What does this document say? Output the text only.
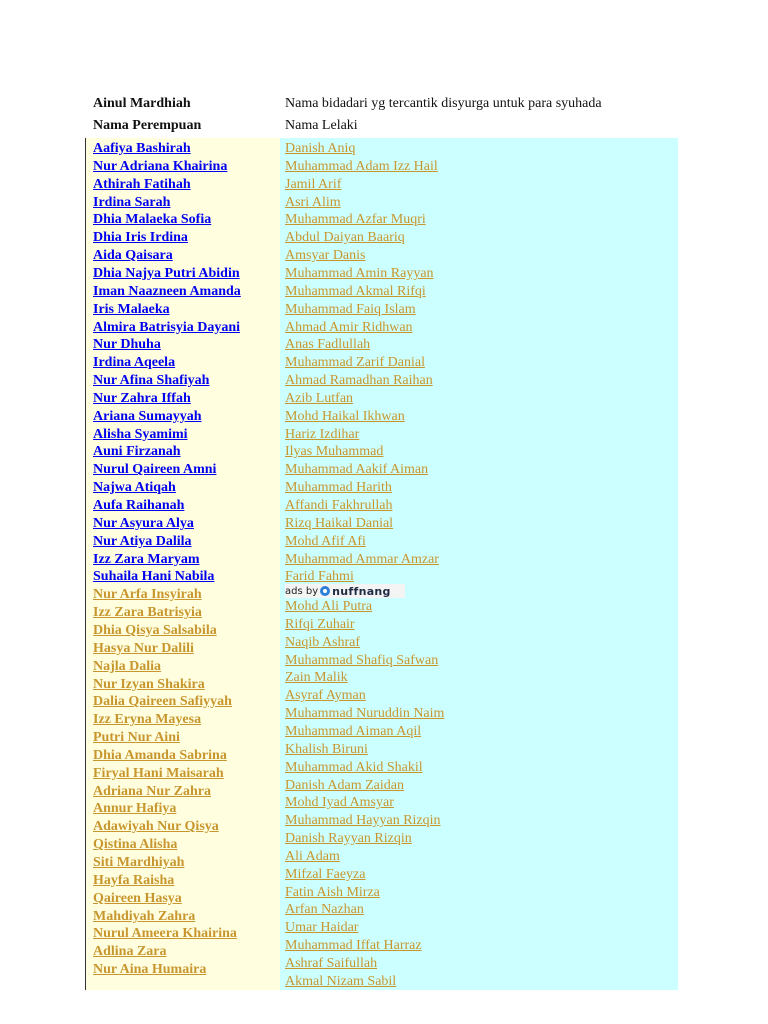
Ainul Mardhiah	Nama bidadari yg tercantik disyurga untuk para syuhada
Nama Perempuan	Nama Lelaki
Aafiya Bashirah
Nur Adriana Khairina
Athirah Fatihah
Irdina Sarah
Dhia Malaeka Sofia
Dhia Iris Irdina
Aida Qaisara
Dhia Najya Putri Abidin
Iman Naazneen Amanda
Iris Malaeka
Almira Batrisyia Dayani
Nur Dhuha
Irdina Aqeela
Nur Afina Shafiyah
Nur Zahra Iffah
Ariana Sumayyah
Alisha Syamimi
Auni Firzanah
Nurul Qaireen Amni
Najwa Atiqah
Aufa Raihanah
Nur Asyura Alya
Nur Atiya Dalila
Izz Zara Maryam
Suhaila Hani Nabila
Nur Arfa Insyirah
Izz Zara Batrisyia
Dhia Qisya Salsabila
Hasya Nur Dalili
Najla Dalia
Nur Izyan Shakira
Dalia Qaireen Safiyyah
Izz Eryna Mayesa
Putri Nur Aini
Dhia Amanda Sabrina
Firyal Hani Maisarah
Adriana Nur Zahra
Annur Hafiya
Adawiyah Nur Qisya
Qistina Alisha
Siti Mardhiyah
Hayfa Raisha
Qaireen Hasya
Mahdiyah Zahra
Nurul Ameera Khairina
Adlina Zara
Nur Aina Humaira
Danish Aniq
Muhammad Adam Izz Hail
Jamil Arif
Asri Alim
Muhammad Azfar Muqri
Abdul Daiyan Baariq
Amsyar Danis
Muhammad Amin Rayyan
Muhammad Akmal Rifqi
Muhammad Faiq Islam
Ahmad Amir Ridhwan
Anas Fadlullah
Muhammad Zarif Danial
Ahmad Ramadhan Raihan
Azib Lutfan
Mohd Haikal Ikhwan
Hariz Izdihar
Ilyas Muhammad
Muhammad Aakif Aiman
Muhammad Harith
Affandi Fakhrullah
Rizq Haikal Danial
Mohd Afif Afi
Muhammad Ammar Amzar
Farid Fahmi
Mohd Ali Putra
Rifqi Zuhair
Naqib Ashraf
Muhammad Shafiq Safwan
Zain Malik
Asyraf Ayman
Muhammad Nuruddin Naim
Muhammad Aiman Aqil
Khalish Biruni
Muhammad Akid Shakil
Danish Adam Zaidan
Mohd Iyad Amsyar
Muhammad Hayyan Rizqin
Danish Rayyan Rizqin
Ali Adam
Mifzal Faeyza
Fatin Aish Mirza
Arfan Nazhan
Umar Haidar
Muhammad Iffat Harraz
Ashraf Saifullah
Akmal Nizam Sabil
ads by nuffnang
